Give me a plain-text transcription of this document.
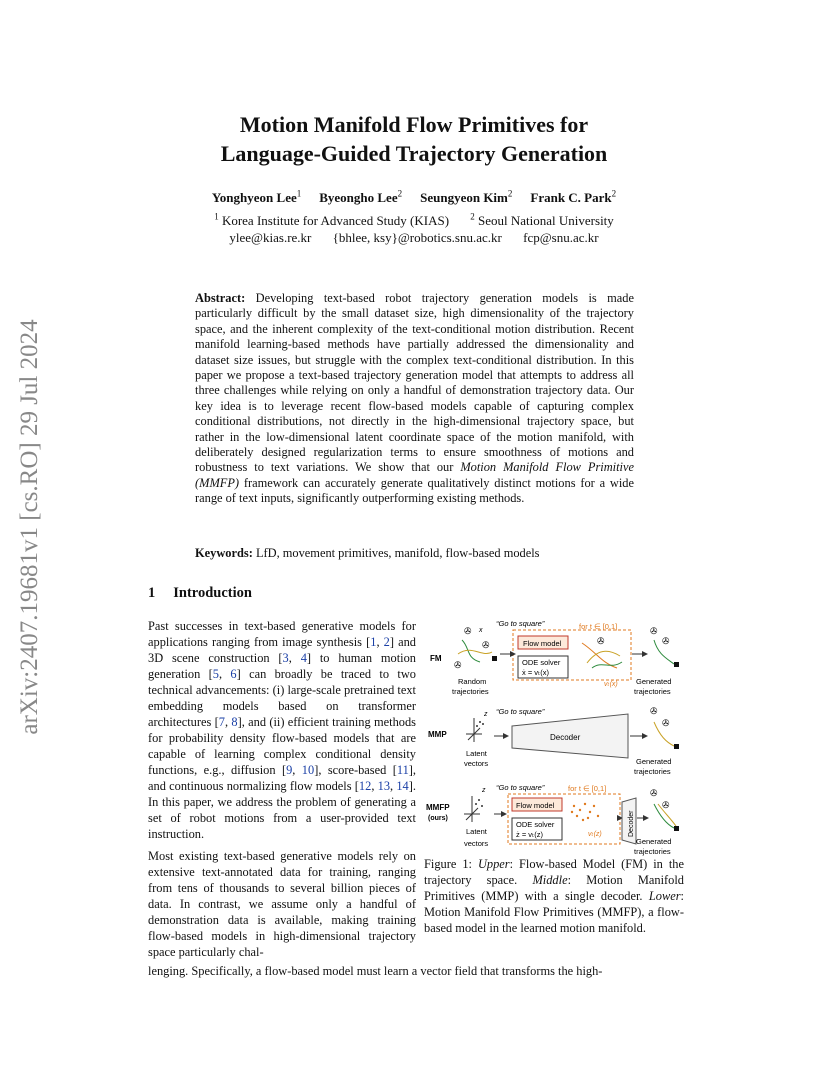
Motion Manifold Flow Primitives for
Language-Guided Trajectory Generation
Yonghyeon Lee$^1$ Byeongho Lee$^2$ Seungyeon Kim$^2$ Frank C. Park$^2$
$^1$ Korea Institute for Advanced Study (KIAS) $^2$ Seoul National University
ylee@kias.re.kr {bhlee, ksy}@robotics.snu.ac.kr fcp@snu.ac.kr
arXiv:2407.19681v1 [cs.RO] 29 Jul 2024
Abstract: Developing text-based robot trajectory generation models is made particularly difficult by the small dataset size, high dimensionality of the trajectory space, and the inherent complexity of the text-conditional motion distribution. Recent manifold learning-based methods have partially addressed the dimensionality and dataset size issues, but struggle with the complex text-conditional distribution. In this paper we propose a text-based trajectory generation model that attempts to address all three challenges while relying on only a handful of demonstration trajectory data. Our key idea is to leverage recent flow-based models capable of capturing complex conditional distributions, not directly in the high-dimensional trajectory space, but rather in the low-dimensional latent coordinate space of the motion manifold, with deliberately designed regularization terms to ensure smoothness of motions and robustness to text variations. We show that our Motion Manifold Flow Primitive (MMFP) framework can accurately generate qualitatively distinct motions for a wide range of text inputs, significantly outperforming existing methods.
Keywords: LfD, movement primitives, manifold, flow-based models
1 Introduction

Past successes in text-based generative models for applications ranging from image synthesis [1, 2] and 3D scene construction [3, 4] to human motion generation [5, 6] can broadly be traced to two technical advancements: (i) large-scale pretrained text embedding models based on transformer architectures [7, 8], and (ii) efficient training methods for probability density flow-based models that are capable of learning complex conditional density functions, e.g., diffusion [9, 10], score-based [11], and continuous normalizing flow models [12, 13, 14]. In this paper, we address the problem of generating a set of robot motions from a user-provided text instruction.

Most existing text-based generative models rely on extensive text-annotated data for training, ranging from tens of thousands to several billion pieces of data. In contrast, we assume only a handful of demonstration data is available, making training flow-based models in high-dimensional trajectory space particularly chal-

lenging. Specifically, a flow-based model must learn a vector field that transforms the high-
FM
✇
✇
✇
x
Random
trajectories
“Go to square”	for t ∈ [0,1]
Flow model
ODE solver
ẋ = vₜ(x)
✇
vₜ(x)
✇
✇
Generated
trajectories
MMP
z
Latent
vectors
“Go to square”
Decoder
✇
✇
Generated
trajectories
MMFP
(ours)
z
Latent
vectors
“Go to square”	for t ∈ [0,1]
Flow model
ODE solver
ż = vₜ(z)	vₜ(z)	Decoder
✇
✇
Generated
trajectories
Figure 1: Upper: Flow-based Model (FM) in the trajectory space. Middle: Motion Manifold Primitives (MMP) with a single decoder. Lower: Motion Manifold Flow Primitives (MMFP), a flow-based model in the learned motion manifold.
